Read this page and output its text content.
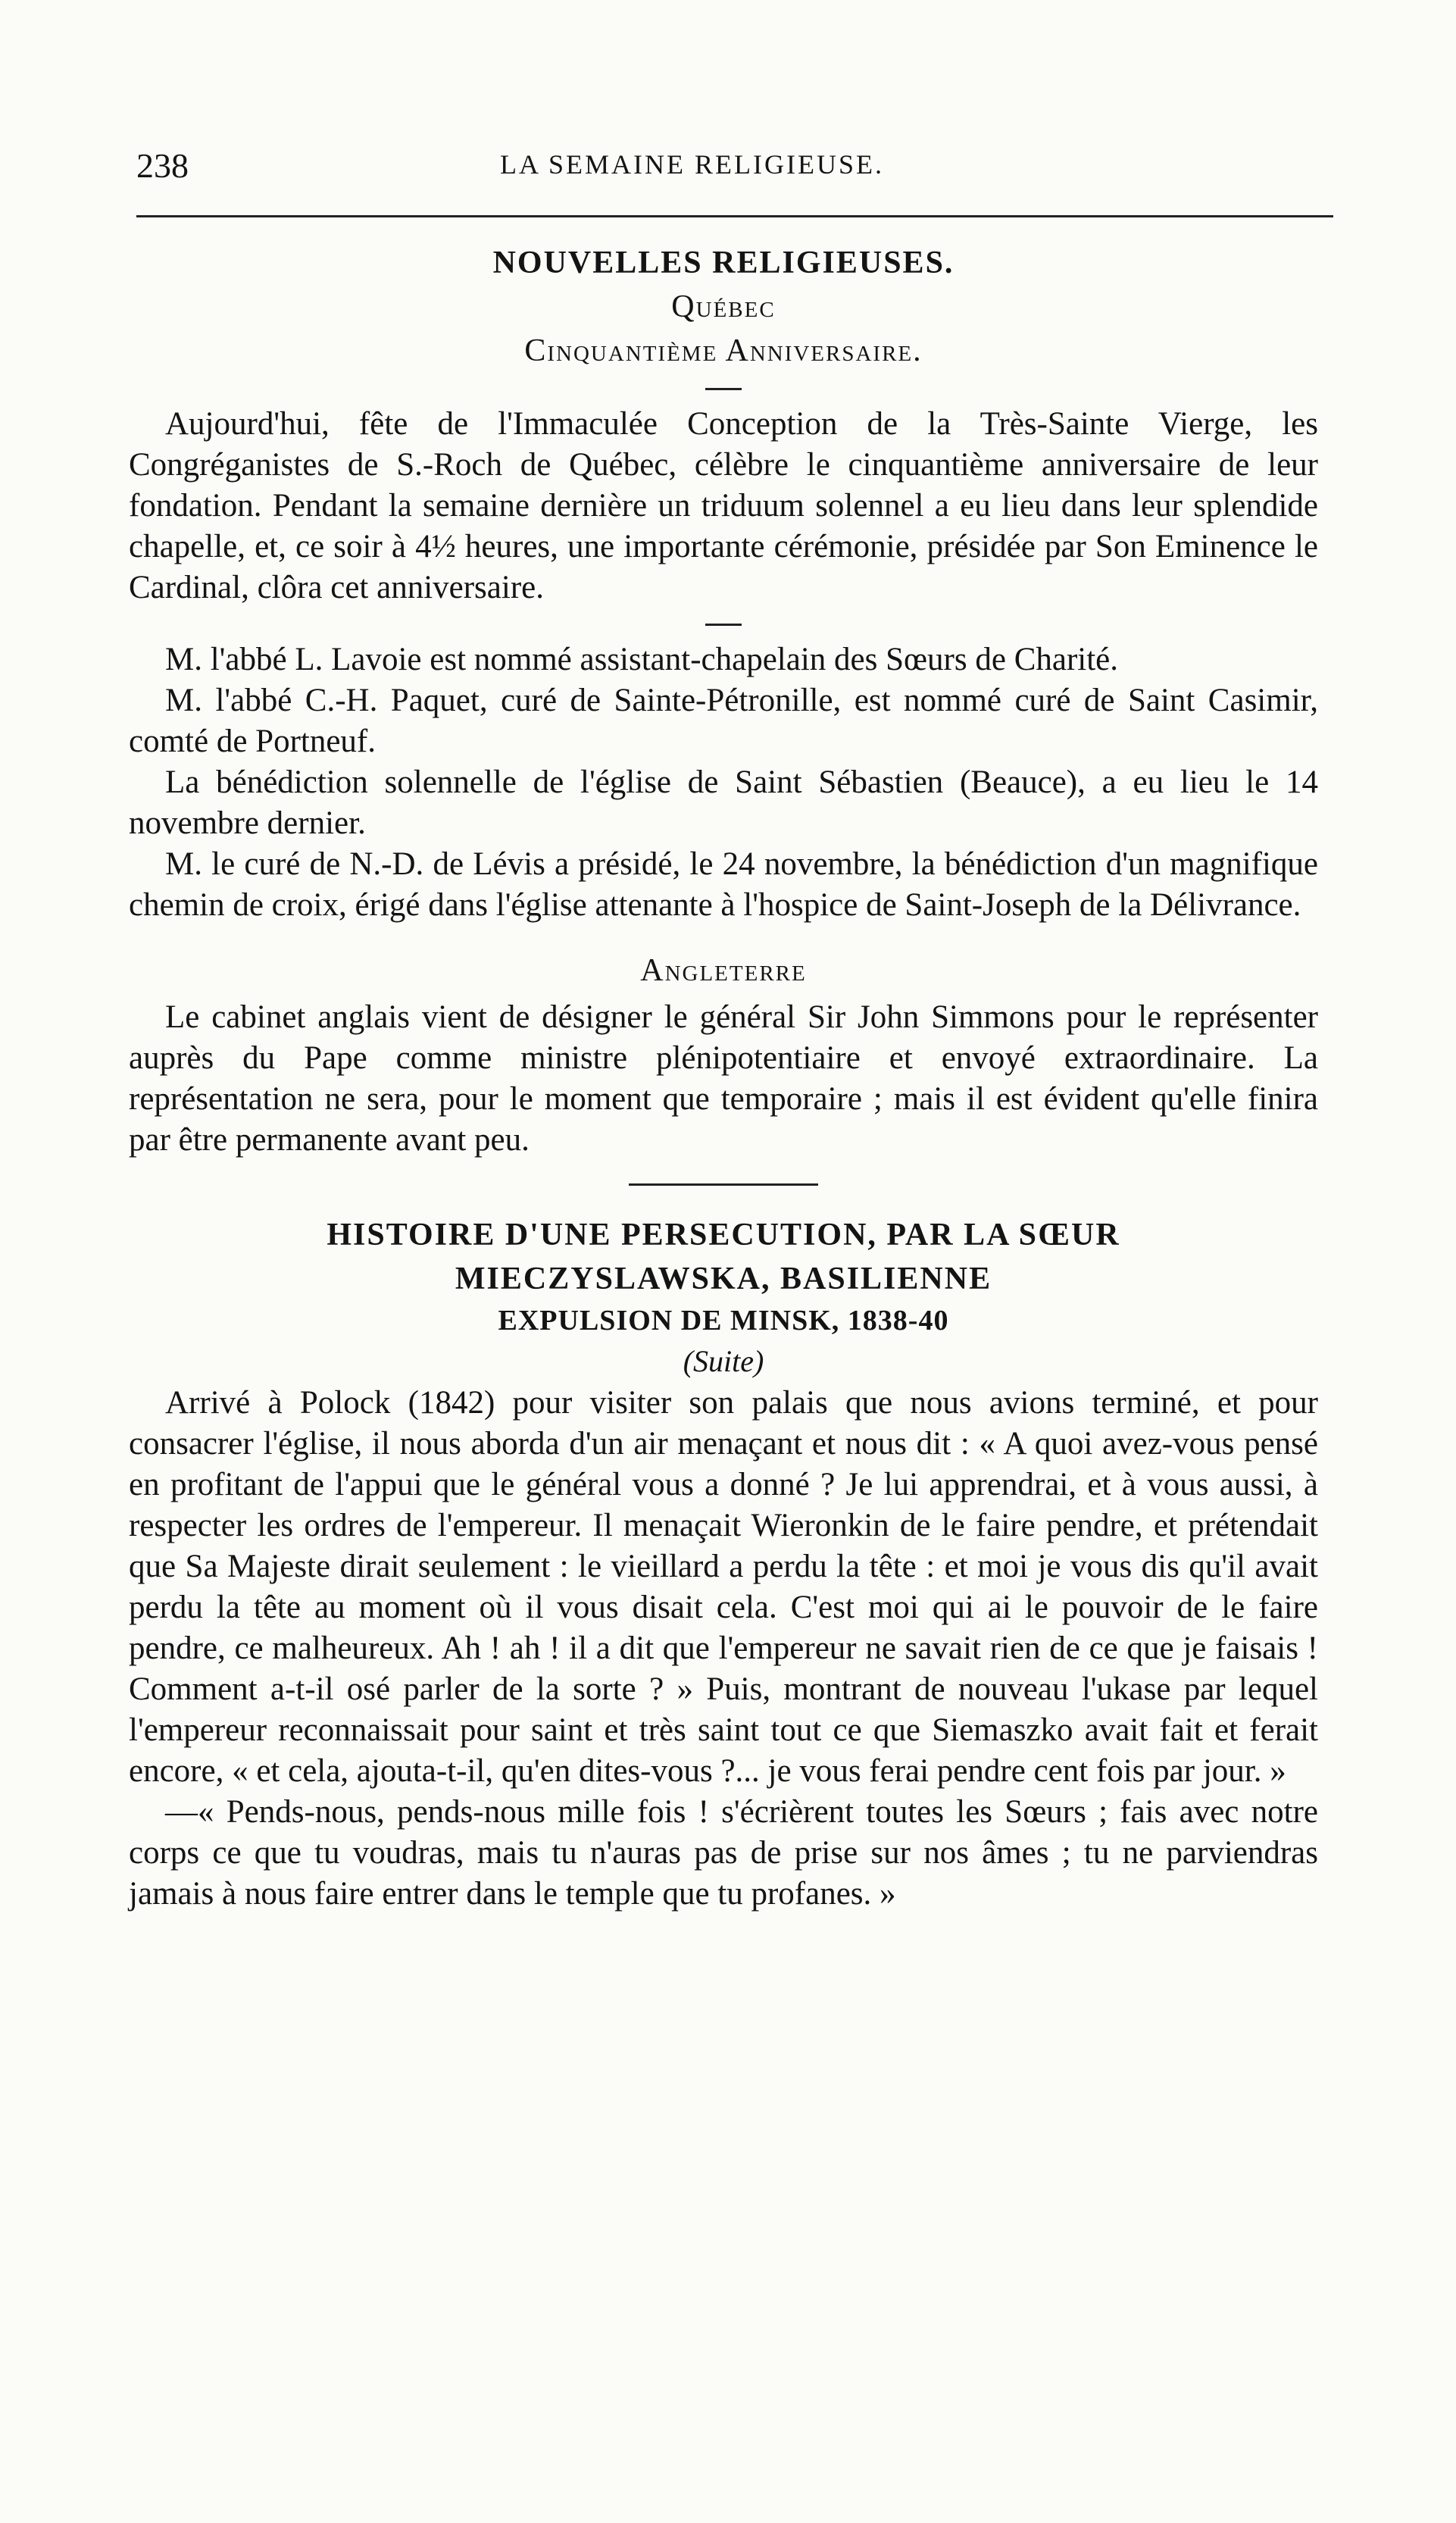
238	LA SEMAINE RELIGIEUSE.
NOUVELLES RELIGIEUSES.
Québec
Cinquantième Anniversaire.

Aujourd'hui, fête de l'Immaculée Conception de la Très-Sainte Vierge, les Congréganistes de S.-Roch de Québec, célèbre le cinquantième anniversaire de leur fondation. Pendant la semaine dernière un triduum solennel a eu lieu dans leur splendide chapelle, et, ce soir à 4½ heures, une importante cérémonie, présidée par Son Eminence le Cardinal, clôra cet anniversaire.

M. l'abbé L. Lavoie est nommé assistant-chapelain des Sœurs de Charité.

M. l'abbé C.-H. Paquet, curé de Sainte-Pétronille, est nommé curé de Saint Casimir, comté de Portneuf.

La bénédiction solennelle de l'église de Saint Sébastien (Beauce), a eu lieu le 14 novembre dernier.

M. le curé de N.-D. de Lévis a présidé, le 24 novembre, la bénédiction d'un magnifique chemin de croix, érigé dans l'église attenante à l'hospice de Saint-Joseph de la Délivrance.

Angleterre

Le cabinet anglais vient de désigner le général Sir John Simmons pour le représenter auprès du Pape comme ministre plénipotentiaire et envoyé extraordinaire. La représentation ne sera, pour le moment que temporaire ; mais il est évident qu'elle finira par être permanente avant peu.

HISTOIRE D'UNE PERSECUTION, PAR LA SŒUR
MIECZYSLAWSKA, BASILIENNE
EXPULSION DE MINSK, 1838-40
(Suite)

Arrivé à Polock (1842) pour visiter son palais que nous avions terminé, et pour consacrer l'église, il nous aborda d'un air menaçant et nous dit : « A quoi avez-vous pensé en profitant de l'appui que le général vous a donné ? Je lui apprendrai, et à vous aussi, à respecter les ordres de l'empereur. Il menaçait Wieronkin de le faire pendre, et prétendait que Sa Majeste dirait seulement : le vieillard a perdu la tête : et moi je vous dis qu'il avait perdu la tête au moment où il vous disait cela. C'est moi qui ai le pouvoir de le faire pendre, ce malheureux. Ah ! ah ! il a dit que l'empereur ne savait rien de ce que je faisais ! Comment a-t-il osé parler de la sorte ? » Puis, montrant de nouveau l'ukase par lequel l'empereur reconnaissait pour saint et très saint tout ce que Siemaszko avait fait et ferait encore, « et cela, ajouta-t-il, qu'en dites-vous ?... je vous ferai pendre cent fois par jour. »

—« Pends-nous, pends-nous mille fois ! s'écrièrent toutes les Sœurs ; fais avec notre corps ce que tu voudras, mais tu n'auras pas de prise sur nos âmes ; tu ne parviendras jamais à nous faire entrer dans le temple que tu profanes. »
